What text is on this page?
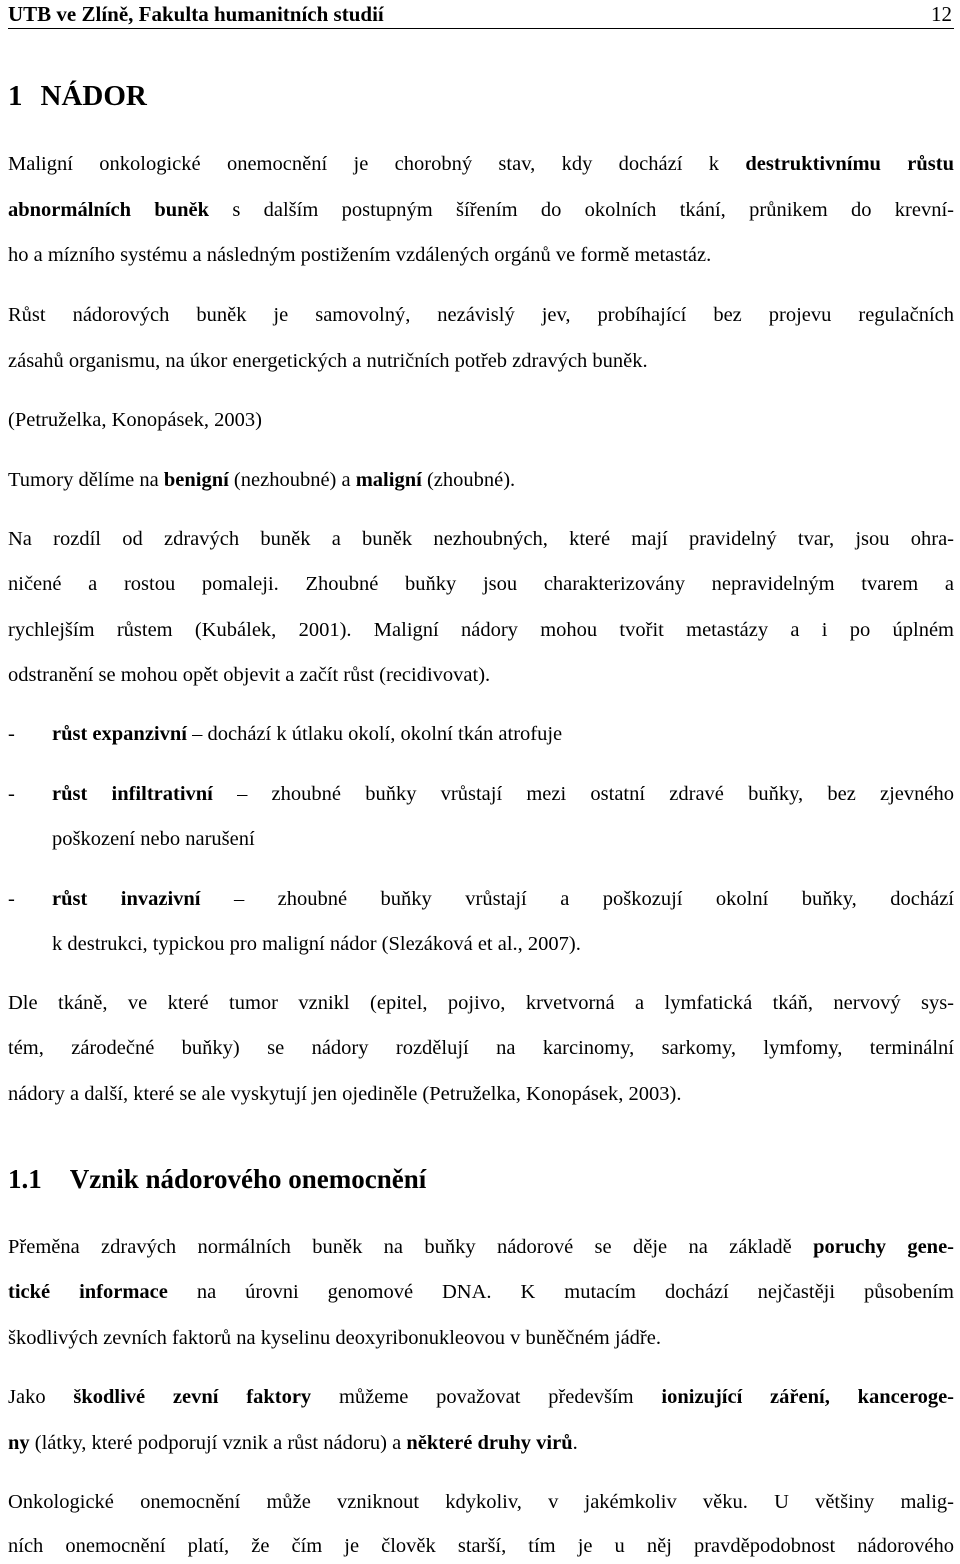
UTB ve Zlíně, Fakulta humanitních studií	12
1 NÁDOR
Maligní onkologické onemocnění je chorobný stav, kdy dochází k destruktivnímu růstu
abnormálních buněk s dalším postupným šířením do okolních tkání, průnikem do krevní-
ho a mízního systému a následným postižením vzdálených orgánů ve formě metastáz.
Růst nádorových buněk je samovolný, nezávislý jev, probíhající bez projevu regulačních
zásahů organismu, na úkor energetických a nutričních potřeb zdravých buněk.
(Petruželka, Konopásek, 2003)
Tumory dělíme na benigní (nezhoubné) a maligní (zhoubné).
Na rozdíl od zdravých buněk a buněk nezhoubných, které mají pravidelný tvar, jsou ohra-
ničené a rostou pomaleji. Zhoubné buňky jsou charakterizovány nepravidelným tvarem a
rychlejším růstem (Kubálek, 2001). Maligní nádory mohou tvořit metastázy a i po úplném
odstranění se mohou opět objevit a začít růst (recidivovat).
-	růst expanzivní – dochází k útlaku okolí, okolní tkán atrofuje
-	růst infiltrativní – zhoubné buňky vrůstají mezi ostatní zdravé buňky, bez zjevného
poškození nebo narušení
-	růst invazivní – zhoubné buňky vrůstají a poškozují okolní buňky, dochází
k destrukci, typickou pro maligní nádor (Slezáková et al., 2007).
Dle tkáně, ve které tumor vznikl (epitel, pojivo, krvetvorná a lymfatická tkáň, nervový sys-
tém, zárodečné buňky) se nádory rozdělují na karcinomy, sarkomy, lymfomy, terminální
nádory a další, které se ale vyskytují jen ojediněle (Petruželka, Konopásek, 2003).
1.1 Vznik nádorového onemocnění
Přeměna zdravých normálních buněk na buňky nádorové se děje na základě poruchy gene-
tické informace na úrovni genomové DNA. K mutacím dochází nejčastěji působením
škodlivých zevních faktorů na kyselinu deoxyribonukleovou v buněčném jádře.
Jako škodlivé zevní faktory můžeme považovat především ionizující záření, kanceroge-
ny (látky, které podporují vznik a růst nádoru) a některé druhy virů.
Onkologické onemocnění může vzniknout kdykoliv, v jakémkoliv věku. U většiny malig-
ních onemocnění platí, že čím je člověk starší, tím je u něj pravděpodobnost nádorového
